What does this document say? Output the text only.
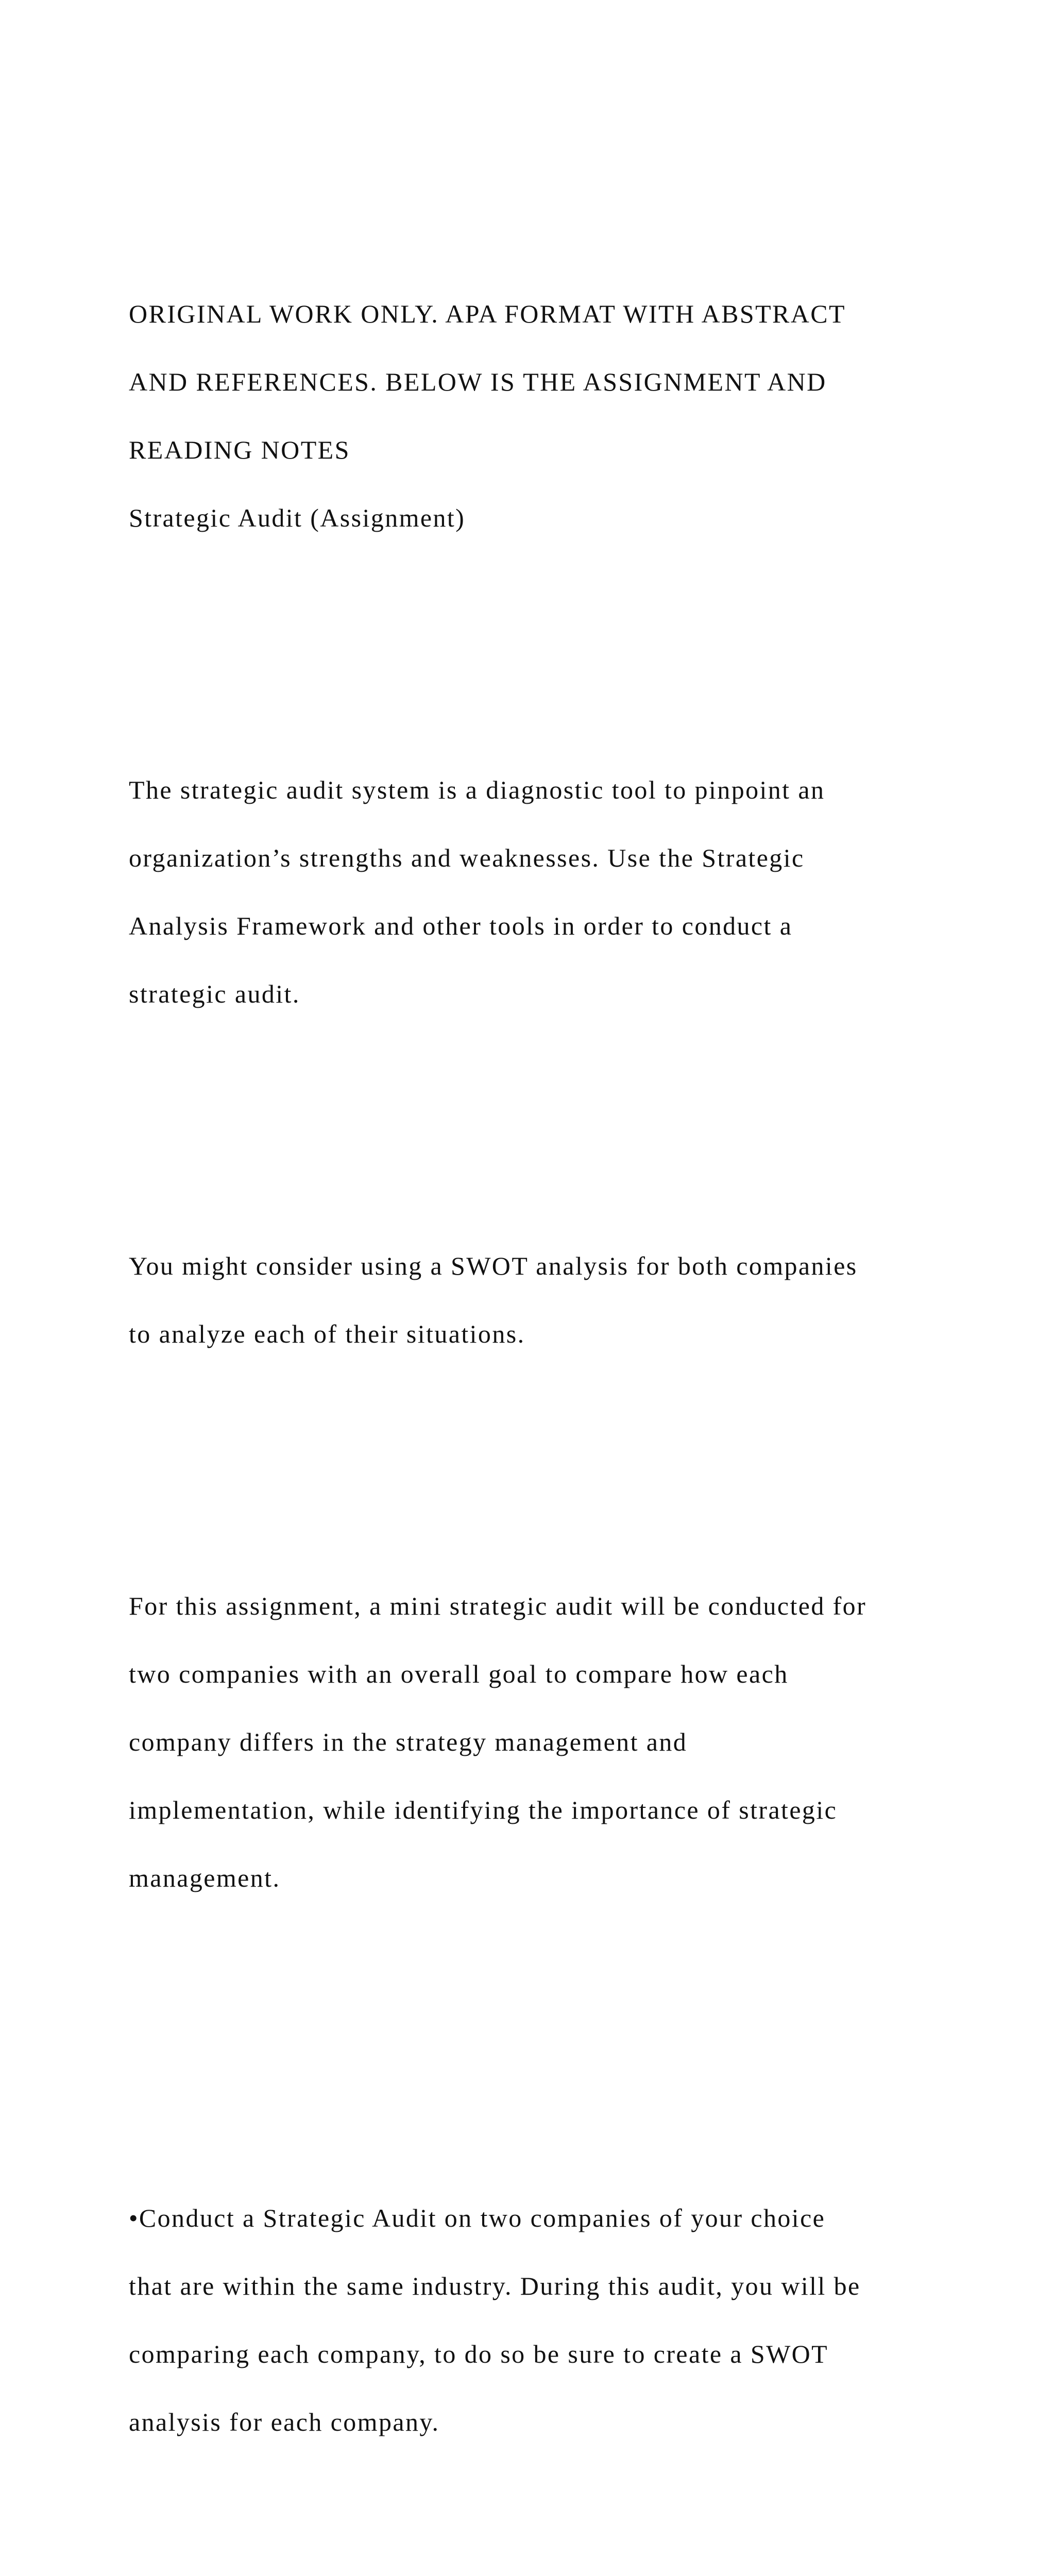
ORIGINAL WORK ONLY. APA FORMAT WITH ABSTRACT

AND REFERENCES. BELOW IS THE ASSIGNMENT AND

READING NOTES

Strategic Audit (Assignment)

The strategic audit system is a diagnostic tool to pinpoint an

organization’s strengths and weaknesses. Use the Strategic

Analysis Framework and other tools in order to conduct a

strategic audit.

You might consider using a SWOT analysis for both companies

to analyze each of their situations.

For this assignment, a mini strategic audit will be conducted for

two companies with an overall goal to compare how each

company differs in the strategy management and

implementation, while identifying the importance of strategic

management.

•Conduct a Strategic Audit on two companies of your choice

that are within the same industry. During this audit, you will be

comparing each company, to do so be sure to create a SWOT

analysis for each company.
